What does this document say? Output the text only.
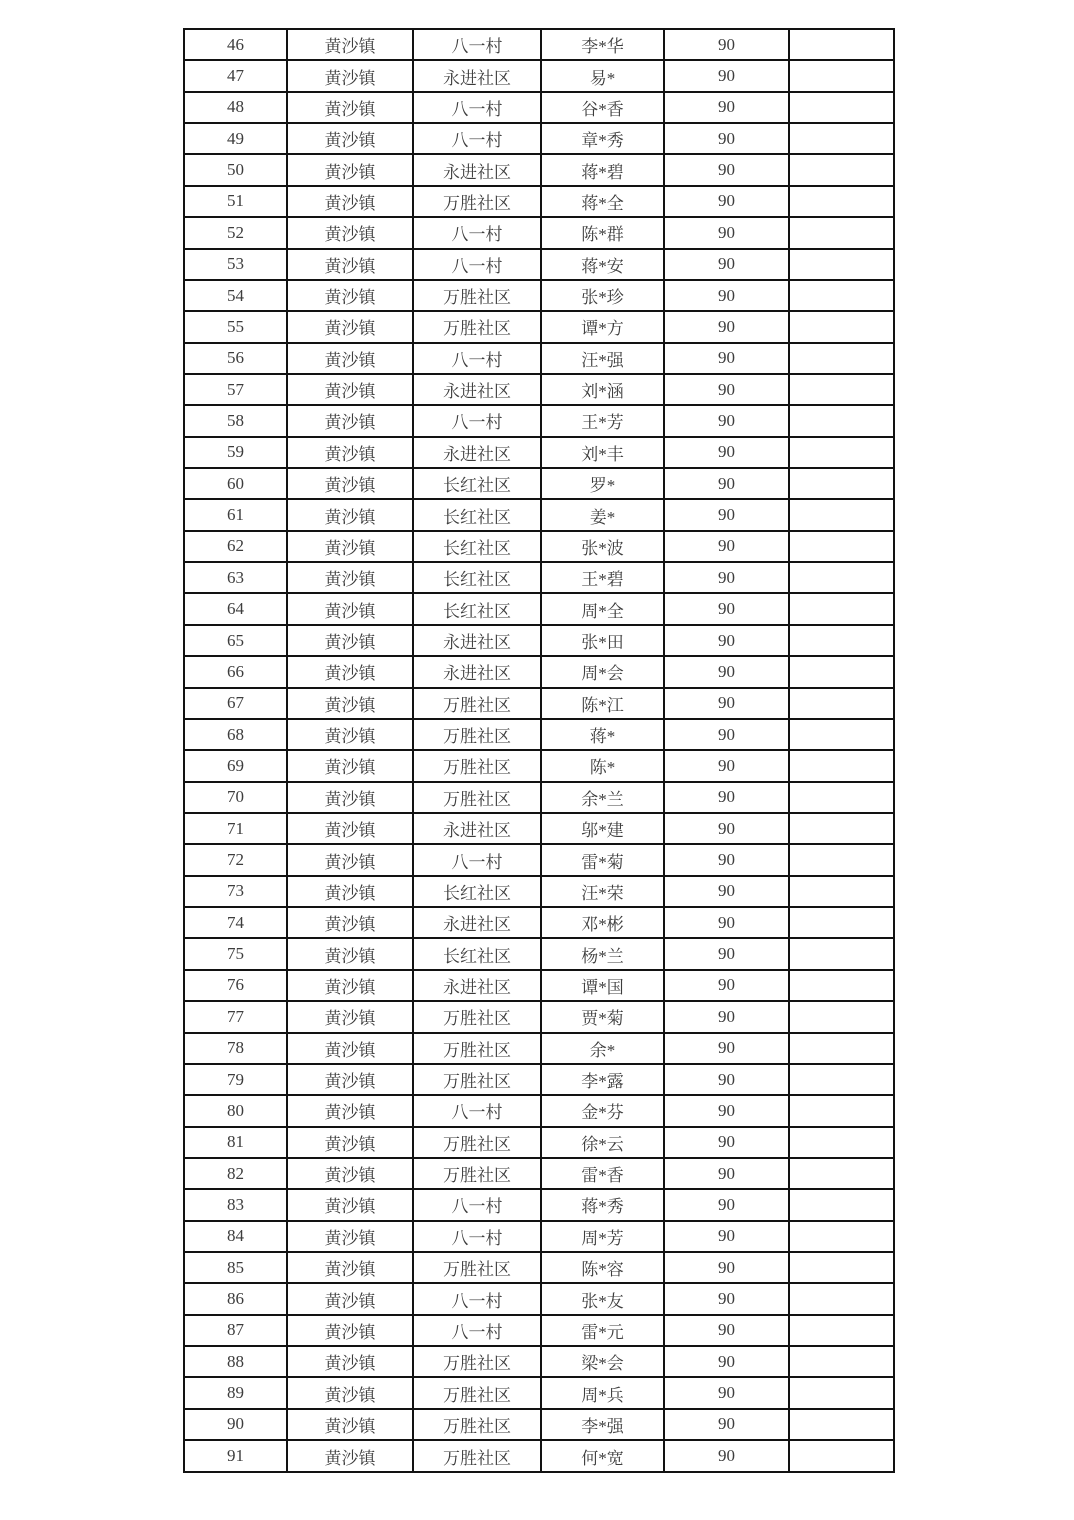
46	黄沙镇	八一村	李*华	90	
47	黄沙镇	永进社区	易*	90	
48	黄沙镇	八一村	谷*香	90	
49	黄沙镇	八一村	章*秀	90	
50	黄沙镇	永进社区	蒋*碧	90	
51	黄沙镇	万胜社区	蒋*全	90	
52	黄沙镇	八一村	陈*群	90	
53	黄沙镇	八一村	蒋*安	90	
54	黄沙镇	万胜社区	张*珍	90	
55	黄沙镇	万胜社区	谭*方	90	
56	黄沙镇	八一村	汪*强	90	
57	黄沙镇	永进社区	刘*涵	90	
58	黄沙镇	八一村	王*芳	90	
59	黄沙镇	永进社区	刘*丰	90	
60	黄沙镇	长红社区	罗*	90	
61	黄沙镇	长红社区	姜*	90	
62	黄沙镇	长红社区	张*波	90	
63	黄沙镇	长红社区	王*碧	90	
64	黄沙镇	长红社区	周*全	90	
65	黄沙镇	永进社区	张*田	90	
66	黄沙镇	永进社区	周*会	90	
67	黄沙镇	万胜社区	陈*江	90	
68	黄沙镇	万胜社区	蒋*	90	
69	黄沙镇	万胜社区	陈*	90	
70	黄沙镇	万胜社区	余*兰	90	
71	黄沙镇	永进社区	邬*建	90	
72	黄沙镇	八一村	雷*菊	90	
73	黄沙镇	长红社区	汪*荣	90	
74	黄沙镇	永进社区	邓*彬	90	
75	黄沙镇	长红社区	杨*兰	90	
76	黄沙镇	永进社区	谭*国	90	
77	黄沙镇	万胜社区	贾*菊	90	
78	黄沙镇	万胜社区	余*	90	
79	黄沙镇	万胜社区	李*露	90	
80	黄沙镇	八一村	金*芬	90	
81	黄沙镇	万胜社区	徐*云	90	
82	黄沙镇	万胜社区	雷*香	90	
83	黄沙镇	八一村	蒋*秀	90	
84	黄沙镇	八一村	周*芳	90	
85	黄沙镇	万胜社区	陈*容	90	
86	黄沙镇	八一村	张*友	90	
87	黄沙镇	八一村	雷*元	90	
88	黄沙镇	万胜社区	梁*会	90	
89	黄沙镇	万胜社区	周*兵	90	
90	黄沙镇	万胜社区	李*强	90	
91	黄沙镇	万胜社区	何*宽	90	
